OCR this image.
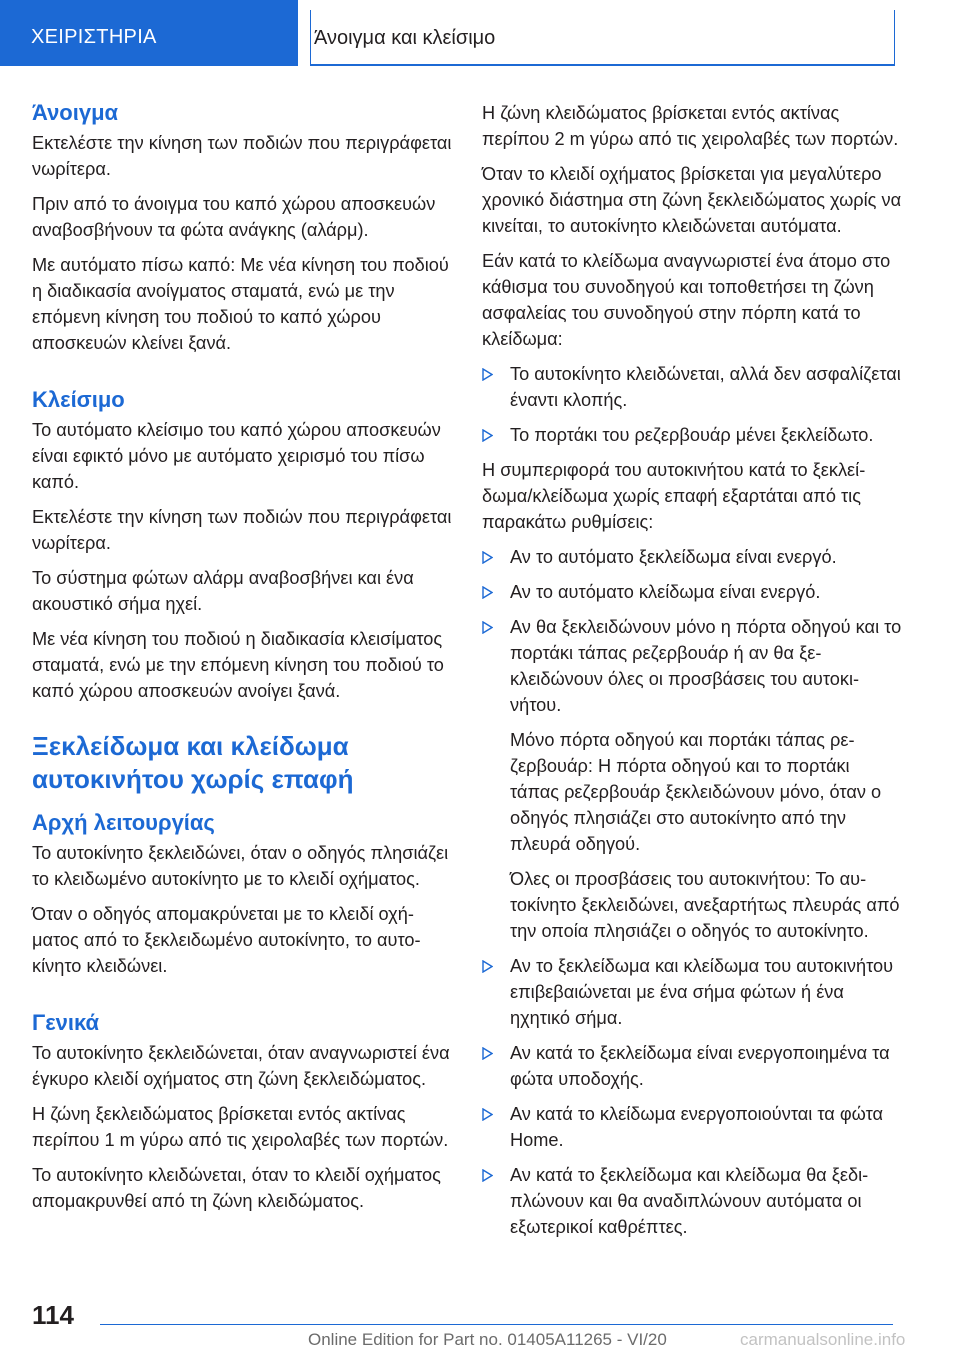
ΧΕΙΡΙΣΤΗΡΙΑ	Άνοιγμα και κλείσιμο
Άνοιγμα
Εκτελέστε την κίνηση των ποδιών που περιγράφεται νωρίτερα.
Πριν από το άνοιγμα του καπό χώρου αποσκευών αναβοσβήνουν τα φώτα ανάγκης (αλάρμ).
Με αυτόματο πίσω καπό: Με νέα κίνηση του ποδιού η διαδικασία ανοίγματος σταματά, ενώ με την επόμενη κίνηση του ποδιού το καπό χώρου αποσκευών κλείνει ξανά.
Κλείσιμο
Το αυτόματο κλείσιμο του καπό χώρου αποσκευών είναι εφικτό μόνο με αυτόματο χειρισμό του πίσω καπό.
Εκτελέστε την κίνηση των ποδιών που περιγράφεται νωρίτερα.
Το σύστημα φώτων αλάρμ αναβοσβήνει και ένα ακουστικό σήμα ηχεί.
Με νέα κίνηση του ποδιού η διαδικασία κλεισίματος σταματά, ενώ με την επόμενη κίνηση του ποδιού το καπό χώρου αποσκευών ανοίγει ξανά.
Ξεκλείδωμα και κλείδωμα αυτοκινήτου χωρίς επαφή
Αρχή λειτουργίας
Το αυτοκίνητο ξεκλειδώνει, όταν ο οδηγός πλησιάζει το κλειδωμένο αυτοκίνητο με το κλειδί οχήματος.
Όταν ο οδηγός απομακρύνεται με το κλειδί οχήματος από το ξεκλειδωμένο αυτοκίνητο, το αυτοκίνητο κλειδώνει.
Γενικά
Το αυτοκίνητο ξεκλειδώνεται, όταν αναγνωριστεί ένα έγκυρο κλειδί οχήματος στη ζώνη ξεκλειδώματος.
Η ζώνη ξεκλειδώματος βρίσκεται εντός ακτίνας περίπου 1 m γύρω από τις χειρολαβές των πορτών.
Το αυτοκίνητο κλειδώνεται, όταν το κλειδί οχήματος απομακρυνθεί από τη ζώνη κλειδώματος.
Η ζώνη κλειδώματος βρίσκεται εντός ακτίνας περίπου 2 m γύρω από τις χειρολαβές των πορτών.
Όταν το κλειδί οχήματος βρίσκεται για μεγαλύτερο χρονικό διάστημα στη ζώνη ξεκλειδώματος χωρίς να κινείται, το αυτοκίνητο κλειδώνεται αυτόματα.
Εάν κατά το κλείδωμα αναγνωριστεί ένα άτομο στο κάθισμα του συνοδηγού και τοποθετήσει τη ζώνη ασφαλείας του συνοδηγού στην πόρπη κατά το κλείδωμα:
Το αυτοκίνητο κλειδώνεται, αλλά δεν ασφαλίζεται έναντι κλοπής.
Το πορτάκι του ρεζερβουάρ μένει ξεκλείδωτο.
Η συμπεριφορά του αυτοκινήτου κατά το ξεκλείδωμα/κλείδωμα χωρίς επαφή εξαρτάται από τις παρακάτω ρυθμίσεις:
Αν το αυτόματο ξεκλείδωμα είναι ενεργό.
Αν το αυτόματο κλείδωμα είναι ενεργό.
Αν θα ξεκλειδώνουν μόνο η πόρτα οδηγού και το πορτάκι τάπας ρεζερβουάρ ή αν θα ξεκλειδώνουν όλες οι προσβάσεις του αυτοκινήτου.
Μόνο πόρτα οδηγού και πορτάκι τάπας ρεζερβουάρ: Η πόρτα οδηγού και το πορτάκι τάπας ρεζερβουάρ ξεκλειδώνουν μόνο, όταν ο οδηγός πλησιάζει στο αυτοκίνητο από την πλευρά οδηγού.
Όλες οι προσβάσεις του αυτοκινήτου: Το αυτοκίνητο ξεκλειδώνει, ανεξαρτήτως πλευράς από την οποία πλησιάζει ο οδηγός το αυτοκίνητο.
Αν το ξεκλείδωμα και κλείδωμα του αυτοκινήτου επιβεβαιώνεται με ένα σήμα φώτων ή ένα ηχητικό σήμα.
Αν κατά το ξεκλείδωμα είναι ενεργοποιημένα τα φώτα υποδοχής.
Αν κατά το κλείδωμα ενεργοποιούνται τα φώτα Home.
Αν κατά το ξεκλείδωμα και κλείδωμα θα ξεδιπλώνουν και θα αναδιπλώνουν αυτόματα οι εξωτερικοί καθρέπτες.
114
Online Edition for Part no. 01405A11265 - VI/20	carmanualsonline.info
